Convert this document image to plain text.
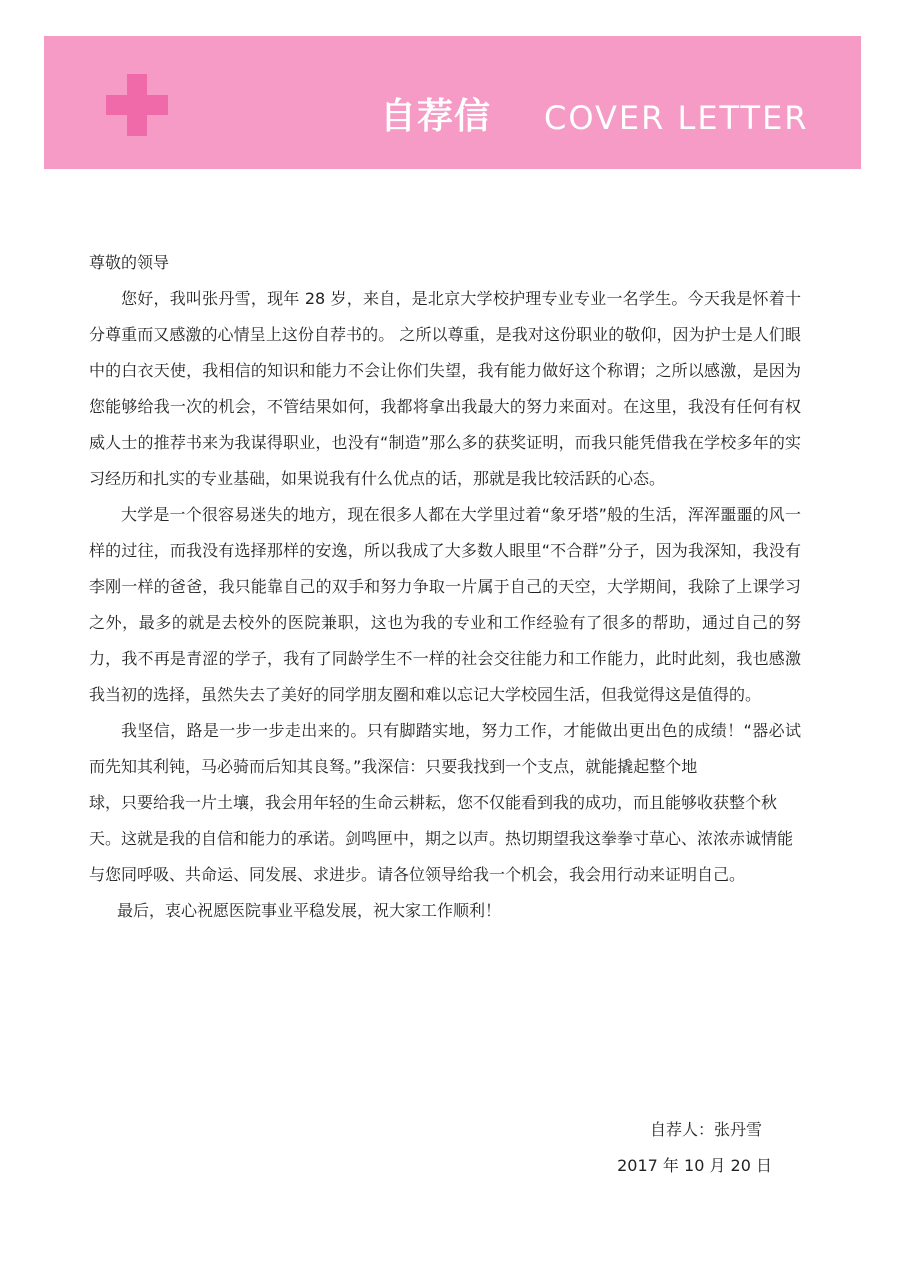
自荐信 COVER LETTER

尊敬的领导

您好，我叫张丹雪，现年 28 岁，来自，是北京大学校护理专业专业一名学生。今天我是怀着十分尊重而又感激的心情呈上这份自荐书的。 之所以尊重，是我对这份职业的敬仰，因为护士是人们眼中的白衣天使，我相信的知识和能力不会让你们失望，我有能力做好这个称谓；之所以感激，是因为您能够给我一次的机会，不管结果如何，我都将拿出我最大的努力来面对。在这里，我没有任何有权威人士的推荐书来为我谋得职业，也没有“制造”那么多的获奖证明，而我只能凭借我在学校多年的实习经历和扎实的专业基础，如果说我有什么优点的话，那就是我比较活跃的心态。

大学是一个很容易迷失的地方，现在很多人都在大学里过着“象牙塔”般的生活，浑浑噩噩的风一样的过往，而我没有选择那样的安逸，所以我成了大多数人眼里“不合群”分子，因为我深知，我没有李刚一样的爸爸，我只能靠自己的双手和努力争取一片属于自己的天空，大学期间，我除了上课学习之外，最多的就是去校外的医院兼职，这也为我的专业和工作经验有了很多的帮助，通过自己的努力，我不再是青涩的学子，我有了同龄学生不一样的社会交往能力和工作能力，此时此刻，我也感激我当初的选择，虽然失去了美好的同学朋友圈和难以忘记大学校园生活，但我觉得这是值得的。

我坚信，路是一步一步走出来的。只有脚踏实地，努力工作，才能做出更出色的成绩！“器必试而先知其利钝，马必骑而后知其良驽。”我深信：只要我找到一个支点，就能撬起整个地

球，只要给我一片土壤，我会用年轻的生命云耕耘，您不仅能看到我的成功，而且能够收获整个秋天。这就是我的自信和能力的承诺。剑鸣匣中，期之以声。热切期望我这拳拳寸草心、浓浓赤诚情能与您同呼吸、共命运、同发展、求进步。请各位领导给我一个机会，我会用行动来证明自己。

最后，衷心祝愿医院事业平稳发展，祝大家工作顺利！

自荐人：张丹雪
2017 年 10 月 20 日
